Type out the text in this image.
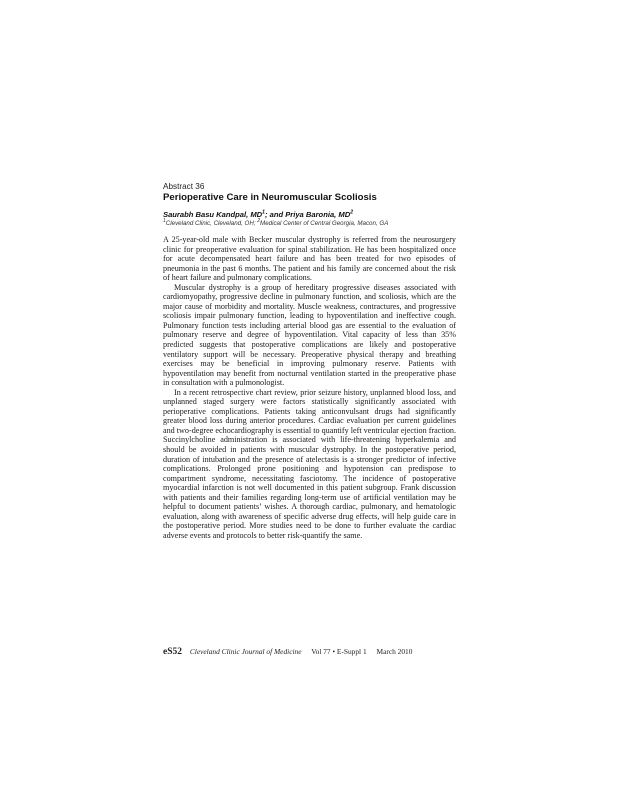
Abstract 36
Perioperative Care in Neuromuscular Scoliosis
Saurabh Basu Kandpal, $MD^1$; and Priya Baronia, $MD^2$
$^1$Cleveland Clinic, Cleveland, OH; $^2$Medical Center of Central Georgia, Macon, GA

A 25-year-old male with Becker muscular dystrophy is referred from the neurosurgery clinic for preoperative evaluation for spinal stabilization. He has been hospitalized once for acute decompensated heart failure and has been treated for two episodes of pneumonia in the past 6 months. The patient and his family are concerned about the risk of heart failure and pulmonary complications.

Muscular dystrophy is a group of hereditary progressive diseases associated with cardiomyopathy, progressive decline in pulmonary function, and scoliosis, which are the major cause of morbidity and mortality. Muscle weakness, contractures, and progressive scoliosis impair pulmonary function, leading to hypoventilation and ineffective cough. Pulmonary function tests including arterial blood gas are essential to the evaluation of pulmonary reserve and degree of hypoventilation. Vital capacity of less than 35% predicted suggests that postoperative complications are likely and postoperative ventilatory support will be necessary. Preoperative physical therapy and breathing exercises may be beneficial in improving pulmonary reserve. Patients with hypoventilation may benefit from nocturnal ventilation started in the preoperative phase in consultation with a pulmonologist.

In a recent retrospective chart review, prior seizure history, unplanned blood loss, and unplanned staged surgery were factors statistically significantly associated with perioperative complications. Patients taking anticonvulsant drugs had significantly greater blood loss during anterior procedures. Cardiac evaluation per current guidelines and two-degree echocardiography is essential to quantify left ventricular ejection fraction. Succinylcholine administration is associated with life-threatening hyperkalemia and should be avoided in patients with muscular dystrophy. In the postoperative period, duration of intubation and the presence of atelectasis is a stronger predictor of infective complications. Prolonged prone positioning and hypotension can predispose to compartment syndrome, necessitating fasciotomy. The incidence of postoperative myocardial infarction is not well documented in this patient subgroup. Frank discussion with patients and their families regarding long-term use of artificial ventilation may be helpful to document patients’ wishes. A thorough cardiac, pulmonary, and hematologic evaluation, along with awareness of specific adverse drug effects, will help guide care in the postoperative period. More studies need to be done to further evaluate the cardiac adverse events and protocols to better risk-quantify the same.

eS52 Cleveland Clinic Journal of Medicine Vol 77 • E-Suppl 1 March 2010
